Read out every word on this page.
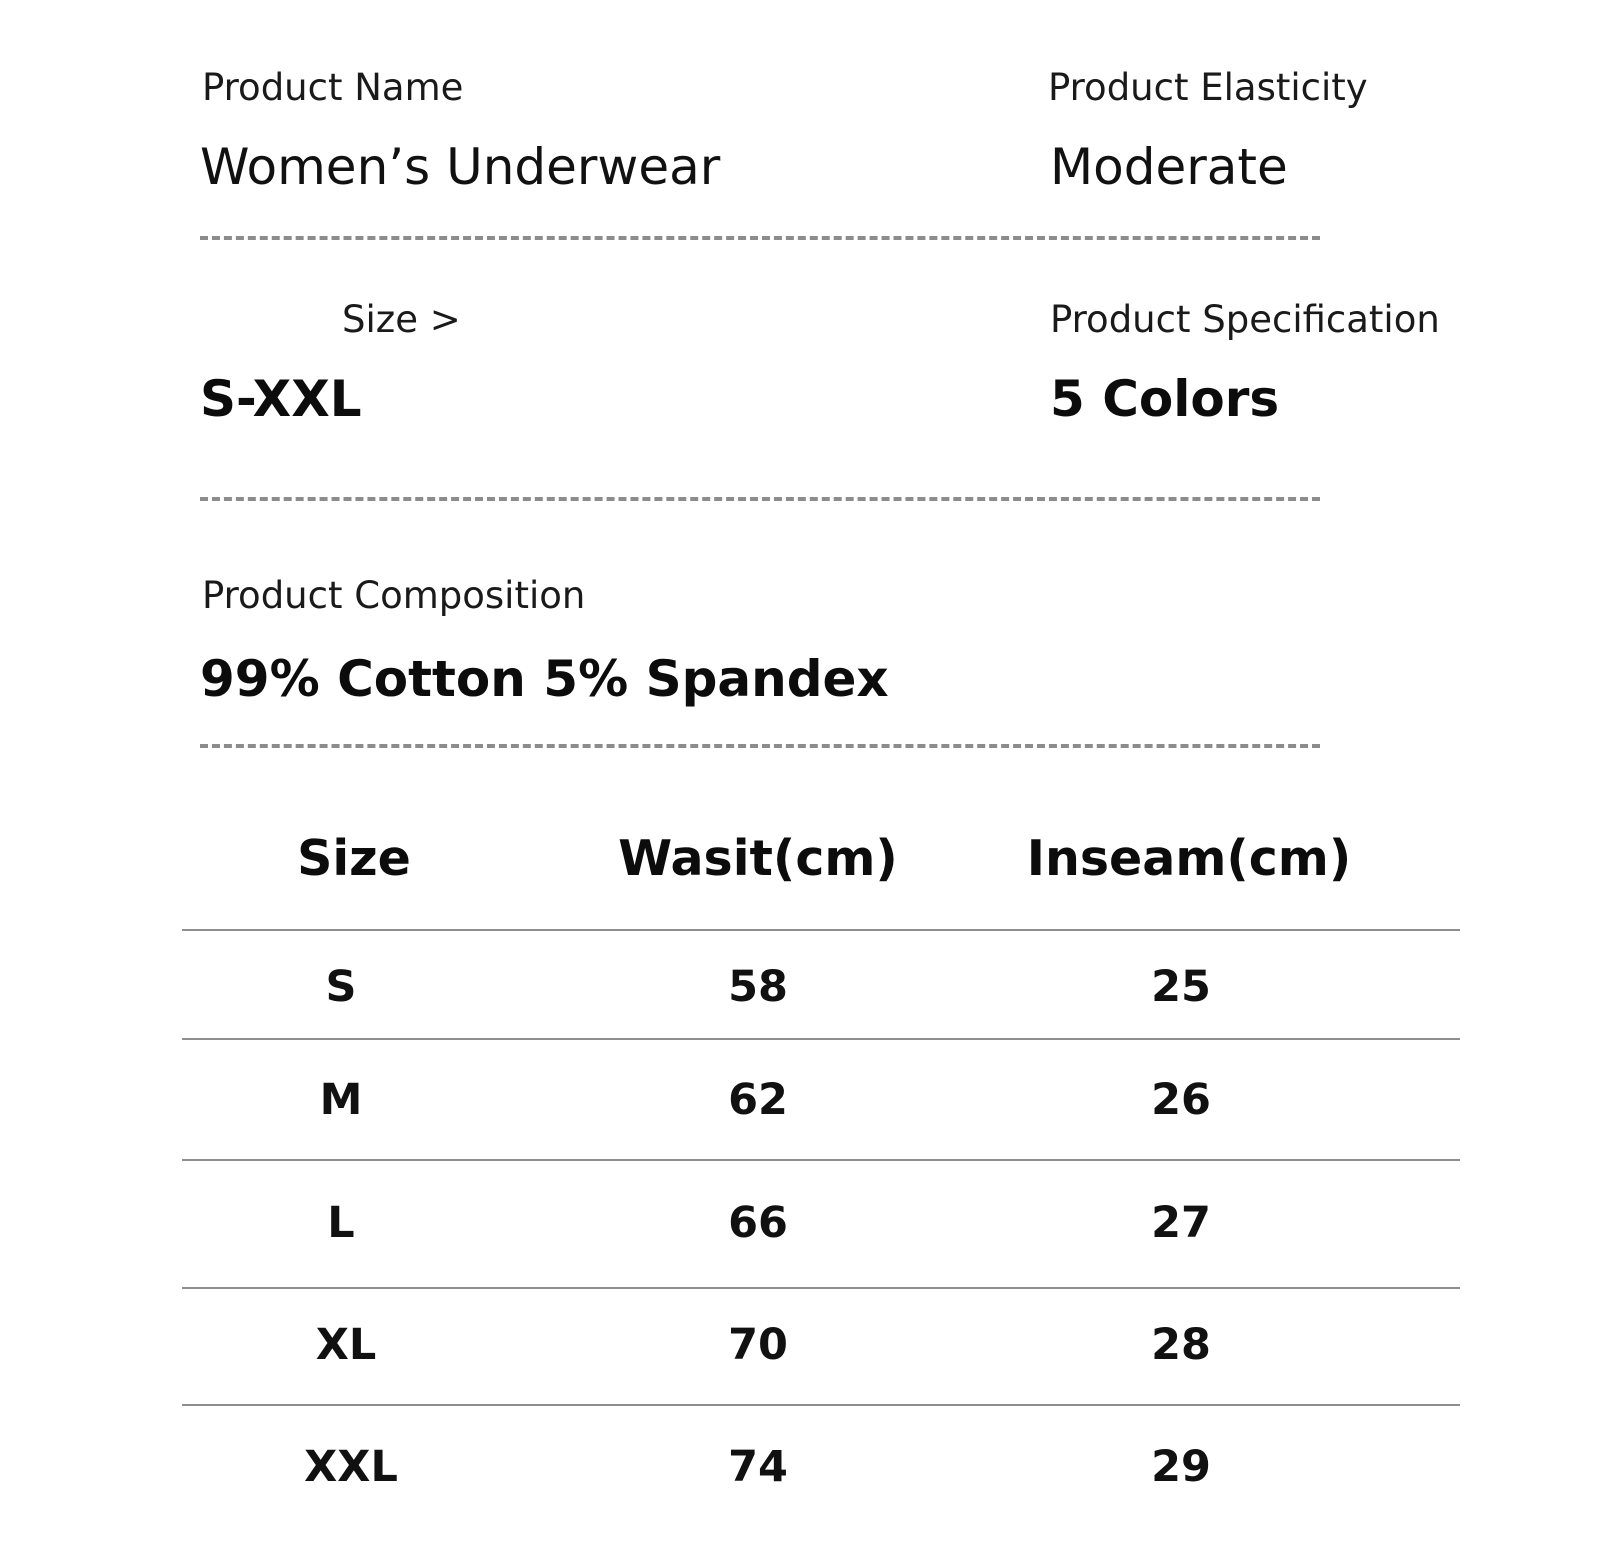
Product Name
Women’s Underwear
Product Elasticity
Moderate
Size >
S-XXL
Product Specification
5 Colors
Product Composition
99% Cotton 5% Spandex
Size	Wasit(cm)	Inseam(cm)
S	58	25
M	62	26
L	66	27
XL	70	28
XXL	74	29
